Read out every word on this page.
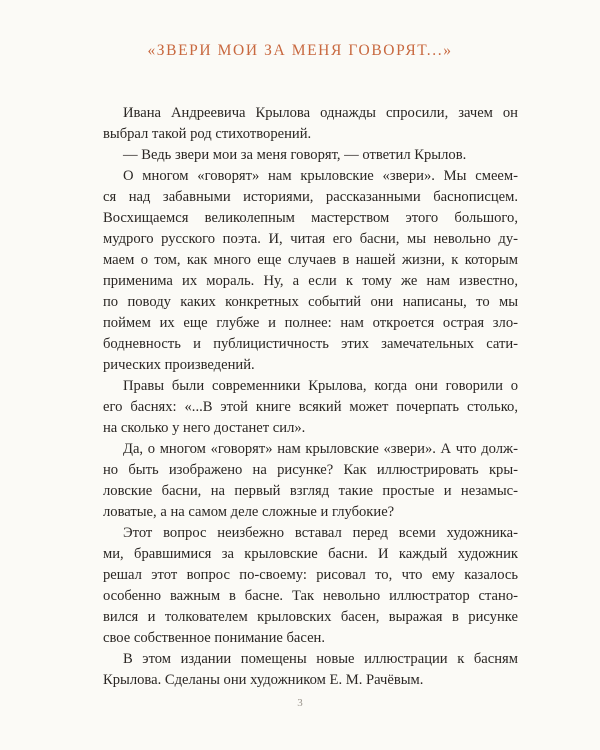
«ЗВЕРИ МОИ ЗА МЕНЯ ГОВОРЯТ...»
Ивана Андреевича Крылова однажды спросили, зачем он
выбрал такой род стихотворений.
— Ведь звери мои за меня говорят, — ответил Крылов.
О многом «говорят» нам крыловские «звери». Мы смеем-
ся над забавными историями, рассказанными баснописцем.
Восхищаемся великолепным мастерством этого большого,
мудрого русского поэта. И, читая его басни, мы невольно ду-
маем о том, как много еще случаев в нашей жизни, к которым
применима их мораль. Ну, а если к тому же нам известно,
по поводу каких конкретных событий они написаны, то мы
поймем их еще глубже и полнее: нам откроется острая зло-
бодневность и публицистичность этих замечательных сати-
рических произведений.
Правы были современники Крылова, когда они говорили о
его баснях: «...В этой книге всякий может почерпать столько,
на сколько у него достанет сил».
Да, о многом «говорят» нам крыловские «звери». А что долж-
но быть изображено на рисунке? Как иллюстрировать кры-
ловские басни, на первый взгляд такие простые и незамыс-
ловатые, а на самом деле сложные и глубокие?
Этот вопрос неизбежно вставал перед всеми художника-
ми, бравшимися за крыловские басни. И каждый художник
решал этот вопрос по-своему: рисовал то, что ему казалось
особенно важным в басне. Так невольно иллюстратор стано-
вился и толкователем крыловских басен, выражая в рисунке
свое собственное понимание басен.
В этом издании помещены новые иллюстрации к басням
Крылова. Сделаны они художником Е. М. Рачёвым.
3
